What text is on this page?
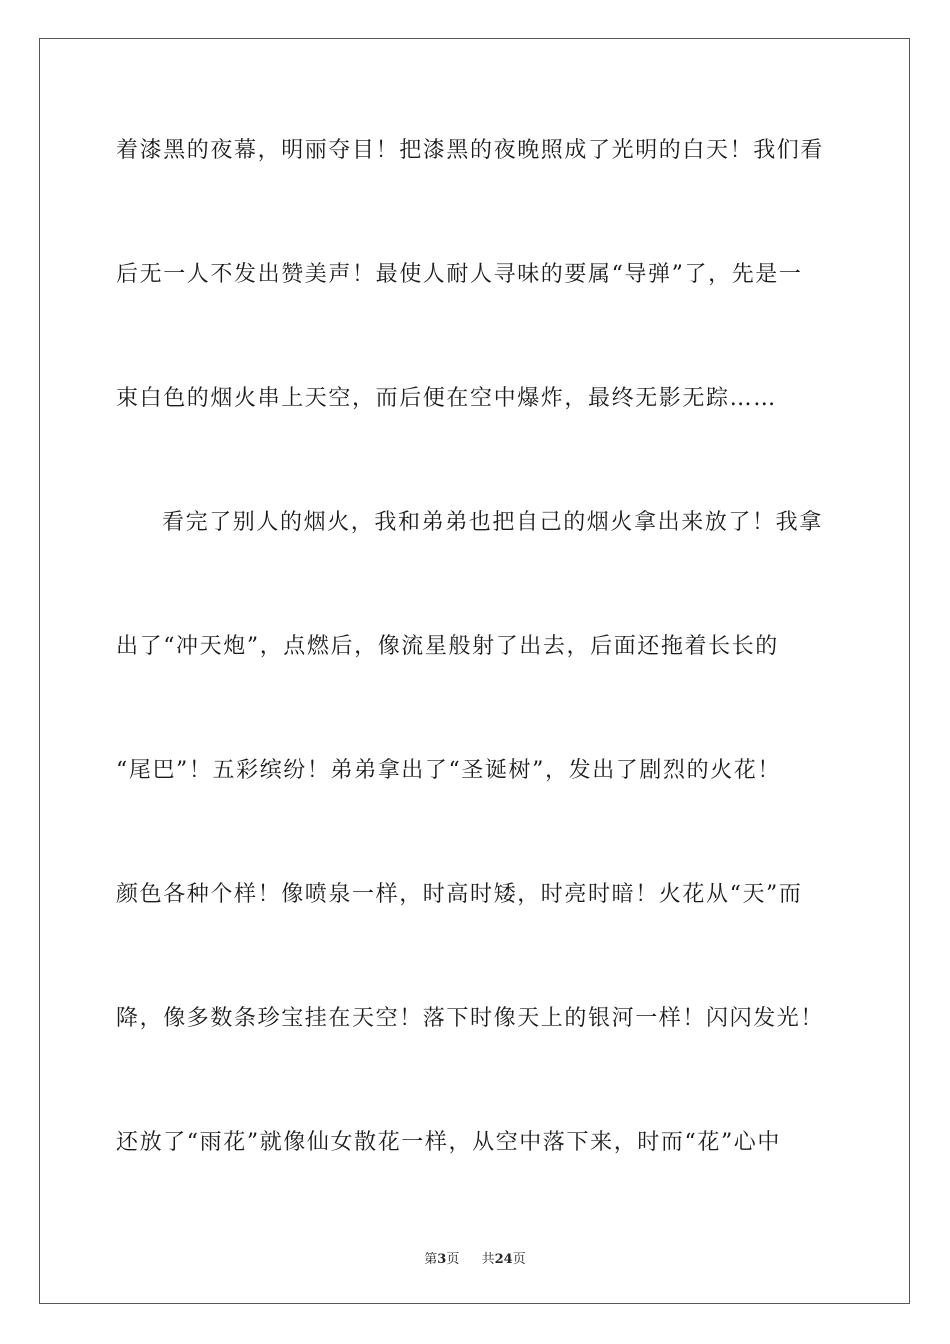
着漆黑的夜幕，明丽夺目！把漆黑的夜晚照成了光明的白天！我们看
后无一人不发出赞美声！最使人耐人寻味的要属“导弹”了，先是一
束白色的烟火串上天空，而后便在空中爆炸，最终无影无踪……
看完了别人的烟火，我和弟弟也把自己的烟火拿出来放了！我拿
出了“冲天炮”，点燃后，像流星般射了出去，后面还拖着长长的
“尾巴”！五彩缤纷！弟弟拿出了“圣诞树”，发出了剧烈的火花！
颜色各种个样！像喷泉一样，时高时矮，时亮时暗！火花从“天”而
降，像多数条珍宝挂在天空！落下时像天上的银河一样！闪闪发光！
还放了“雨花”就像仙女散花一样，从空中落下来，时而“花”心中
第3页 共24页
